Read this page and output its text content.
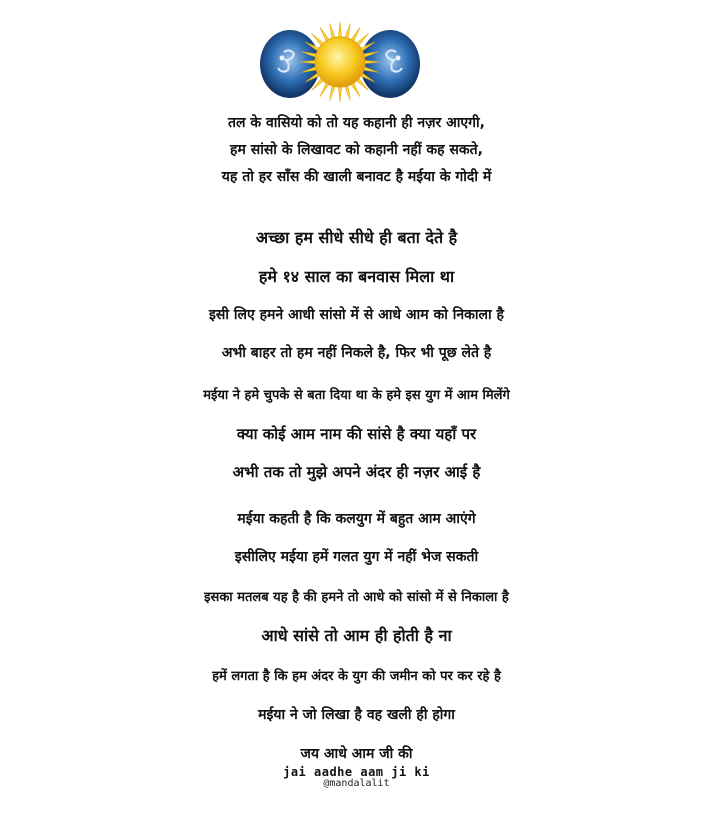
तल के वासियो को तो यह कहानी ही नज़र आएगी,
हम सांसो के लिखावट को कहानी नहीं कह सकते,
यह तो हर साँस की खाली बनावट है मईया के गोदी में
अच्छा हम सीधे सीधे ही बता देते है
हमे १४ साल का बनवास मिला था
इसी लिए हमने आधी सांसो में से आधे आम को निकाला है
अभी बाहर तो हम नहीं निकले है, फिर भी पूछ लेते है
मईया ने हमे चुपके से बता दिया था के हमे इस युग में आम मिलेंगे
क्या कोई आम नाम की सांसे है क्या यहाँ पर
अभी तक तो मुझे अपने अंदर ही नज़र आई है
मईया कहती है कि कलयुग में बहुत आम आएंगे
इसीलिए मईया हमें गलत युग में नहीं भेज सकती
इसका मतलब यह है की हमने तो आधे को सांसो में से निकाला है
आधे सांसे तो आम ही होती है ना
हमें लगता है कि हम अंदर के युग की जमीन को पर कर रहे है
मईया ने जो लिखा है वह खली ही होगा
जय आधे आम जी की
jai aadhe aam ji ki
@mandalalit
